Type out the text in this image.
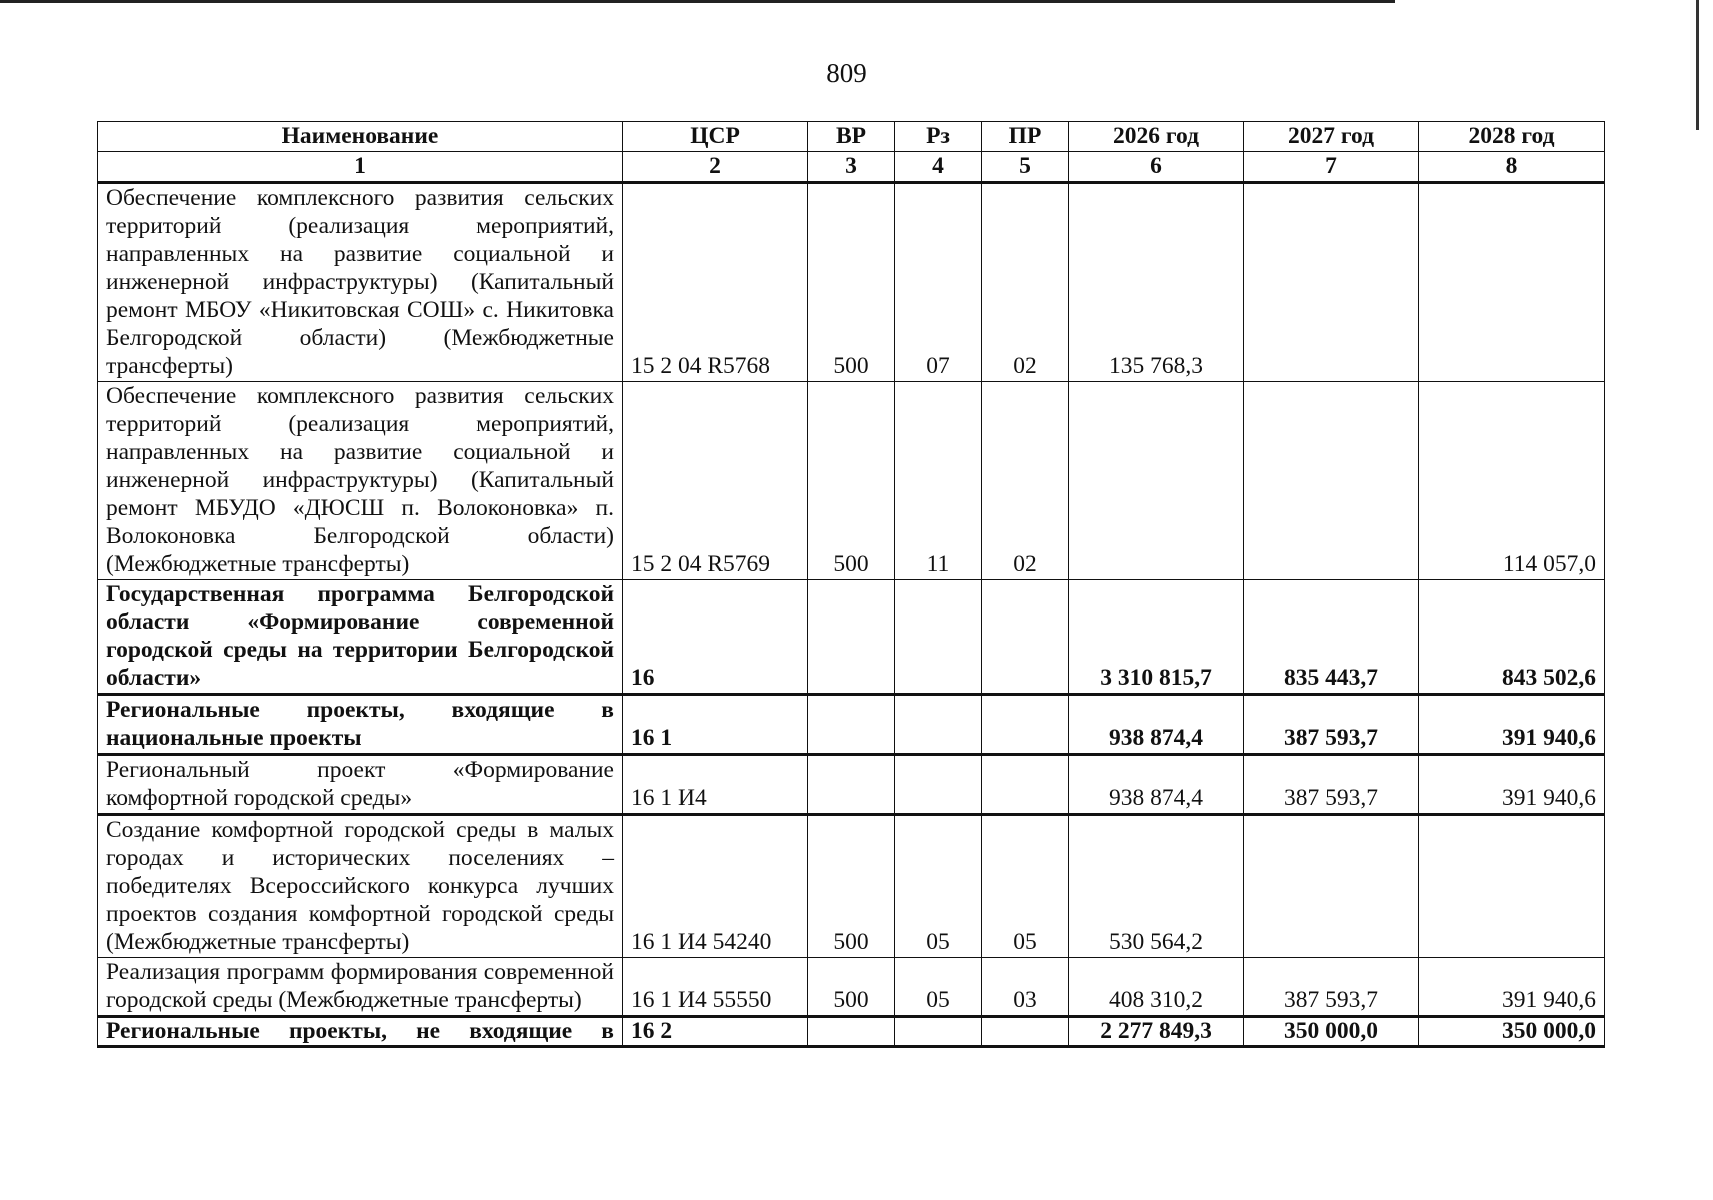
809
Наименование	ЦСР	ВР	Рз	ПР	2026 год	2027 год	2028 год
1	2	3	4	5	6	7	8
Обеспечение комплексного развития сельских территорий (реализация мероприятий, направленных на развитие социальной и инженерной инфраструктуры) (Капитальный ремонт МБОУ «Никитовская СОШ» с. Никитовка Белгородской области) (Межбюджетные трансферты)	15 2 04 R5768	500	07	02	135 768,3		
Обеспечение комплексного развития сельских территорий (реализация мероприятий, направленных на развитие социальной и инженерной инфраструктуры) (Капитальный ремонт МБУДО «ДЮСШ п. Волоконовка» п. Волоконовка Белгородской области) (Межбюджетные трансферты)	15 2 04 R5769	500	11	02			114 057,0
Государственная программа Белгородской области «Формирование современной городской среды на территории Белгородской области»	16				3 310 815,7	835 443,7	843 502,6
Региональные проекты, входящие в национальные проекты	16 1				938 874,4	387 593,7	391 940,6
Региональный проект «Формирование комфортной городской среды»	16 1 И4				938 874,4	387 593,7	391 940,6
Создание комфортной городской среды в малых городах и исторических поселениях – победителях Всероссийского конкурса лучших проектов создания комфортной городской среды (Межбюджетные трансферты)	16 1 И4 54240	500	05	05	530 564,2		
Реализация программ формирования современной городской среды (Межбюджетные трансферты)	16 1 И4 55550	500	05	03	408 310,2	387 593,7	391 940,6
Региональные проекты, не входящие в	16 2				2 277 849,3	350 000,0	350 000,0
